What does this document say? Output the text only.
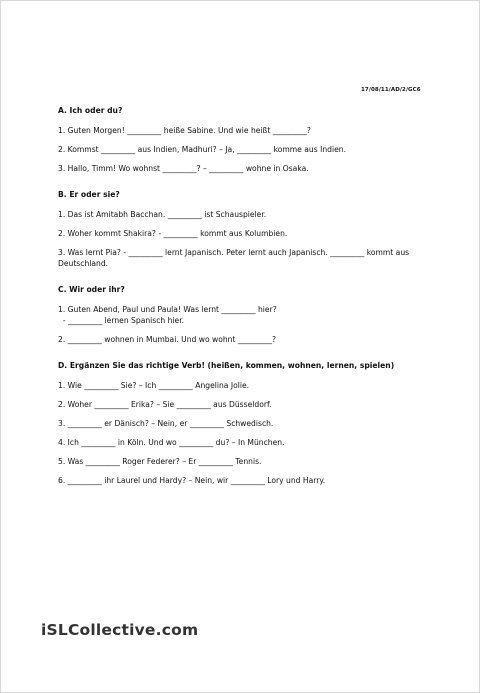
17/08/11/AD/2/GC6
A. Ich oder du?
1. Guten Morgen! _________ heiße Sabine. Und wie heißt _________?
2. Kommst _________ aus Indien, Madhuri? – Ja, _________ komme aus Indien.
3. Hallo, Timm! Wo wohnst _________? – _________ wohne in Osaka.
B. Er oder sie?
1. Das ist Amitabh Bacchan. _________ ist Schauspieler.
2. Woher kommt Shakira? - _________ kommt aus Kolumbien.
3. Was lernt Pia? - _________ lernt Japanisch. Peter lernt auch Japanisch. _________ kommt aus Deutschland.
C. Wir oder ihr?
1. Guten Abend, Paul und Paula! Was lernt _________ hier?
- _________ lernen Spanisch hier.
2. _________ wohnen in Mumbai. Und wo wohnt _________?
D. Ergänzen Sie das richtige Verb! (heißen, kommen, wohnen, lernen, spielen)
1. Wie _________ Sie? – Ich _________ Angelina Jolie.
2. Woher _________ Erika? – Sie _________ aus Düsseldorf.
3. _________ er Dänisch? – Nein, er _________ Schwedisch.
4. Ich _________ in Köln. Und wo _________ du? – In München.
5. Was _________ Roger Federer? – Er _________ Tennis.
6. _________ ihr Laurel und Hardy? – Nein, wir _________ Lory und Harry.
iSLCollective.com
